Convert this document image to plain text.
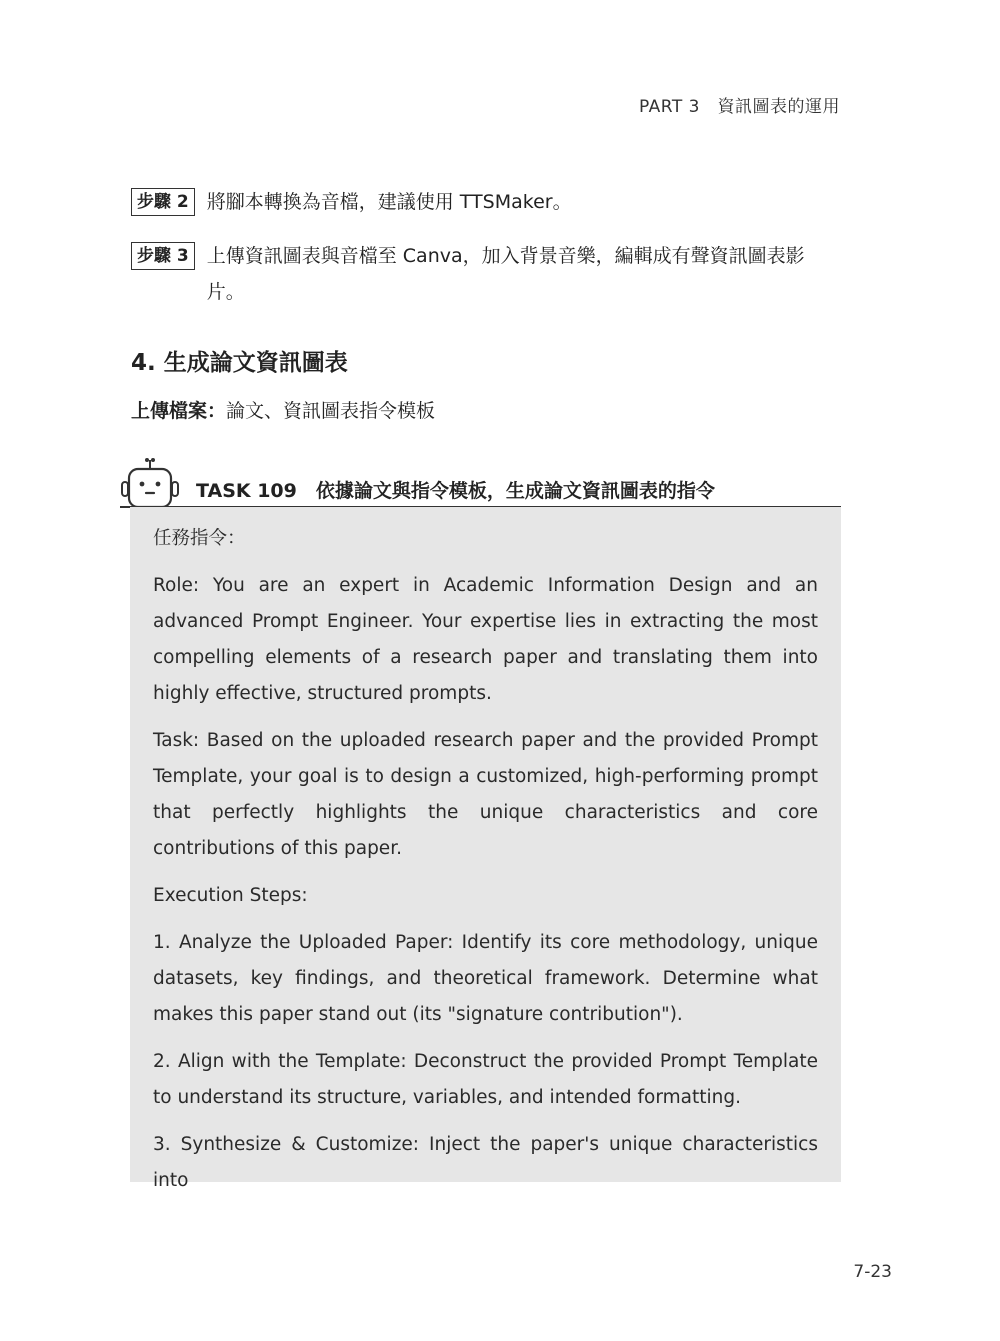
PART 3　資訊圖表的運用
步驟 2 將腳本轉換為音檔，建議使用 TTSMaker。
步驟 3 上傳資訊圖表與音檔至 Canva，加入背景音樂，編輯成有聲資訊圖表影片。
4. 生成論文資訊圖表
上傳檔案：論文、資訊圖表指令模板
TASK 109　依據論文與指令模板，生成論文資訊圖表的指令

任務指令：

Role: You are an expert in Academic Information Design and an advanced Prompt Engineer. Your expertise lies in extracting the most compelling elements of a research paper and translating them into highly effective, structured prompts.

Task: Based on the uploaded research paper and the provided Prompt Template, your goal is to design a customized, high-performing prompt that perfectly highlights the unique characteristics and core contributions of this paper.

Execution Steps:

1. Analyze the Uploaded Paper: Identify its core methodology, unique datasets, key findings, and theoretical framework. Determine what makes this paper stand out (its "signature contribution").

2. Align with the Template: Deconstruct the provided Prompt Template to understand its structure, variables, and intended formatting.

3. Synthesize & Customize: Inject the paper's unique characteristics into

7-23
